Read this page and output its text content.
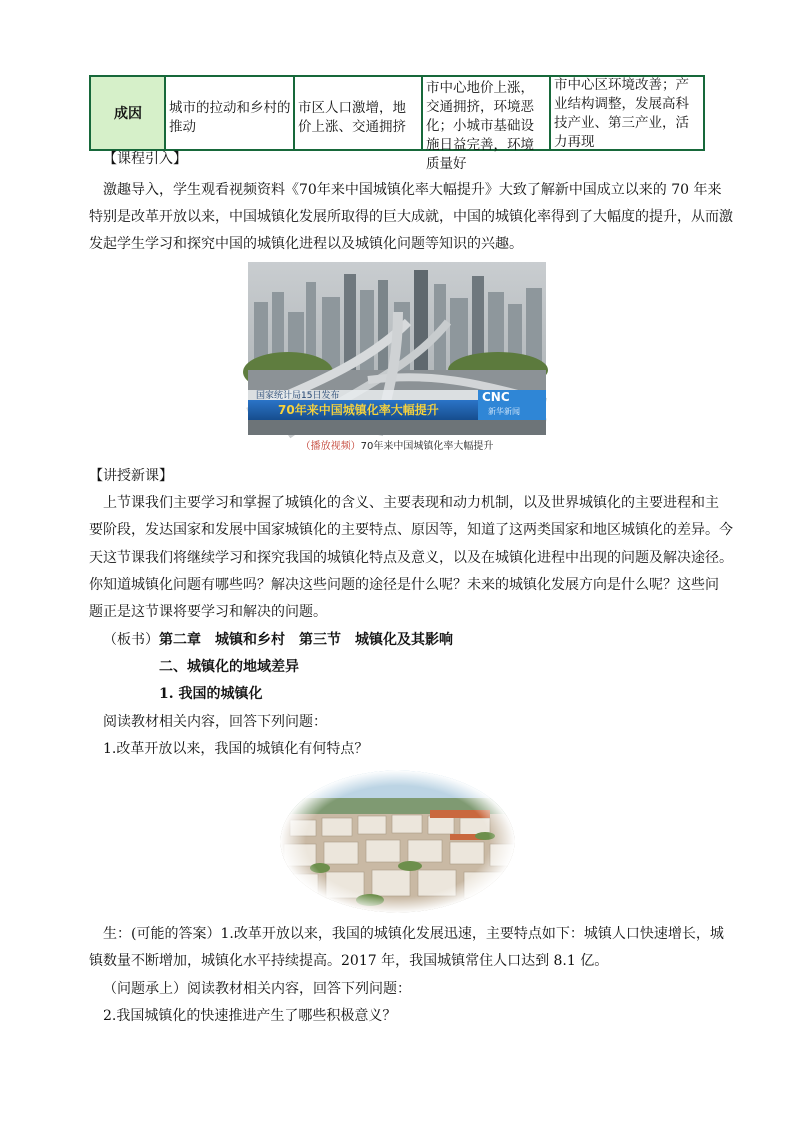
成因	城市的拉动和乡村的推动
市区人口激增，地价上涨、交通拥挤
市中心地价上涨，交通拥挤，环境恶化；小城市基础设施日益完善，环境质量好
市中心区环境改善；产业结构调整，发展高科技产业、第三产业，活力再现
【课程引入】
激趣导入，学生观看视频资料《70年来中国城镇化率大幅提升》大致了解新中国成立以来的 70 年来
特别是改革开放以来，中国城镇化发展所取得的巨大成就，中国的城镇化率得到了大幅度的提升，从而激
发起学生学习和探究中国的城镇化进程以及城镇化问题等知识的兴趣。
国家统计局15日发布
70年来中国城镇化率大幅提升
CNC
新华新闻
（播放视频）70年来中国城镇化率大幅提升
【讲授新课】
上节课我们主要学习和掌握了城镇化的含义、主要表现和动力机制，以及世界城镇化的主要进程和主
要阶段，发达国家和发展中国家城镇化的主要特点、原因等，知道了这两类国家和地区城镇化的差异。今
天这节课我们将继续学习和探究我国的城镇化特点及意义，以及在城镇化进程中出现的问题及解决途径。
你知道城镇化问题有哪些吗？解决这些问题的途径是什么呢？未来的城镇化发展方向是什么呢？这些问
题正是这节课将要学习和解决的问题。
（板书）第二章　城镇和乡村　第三节　城镇化及其影响
二、城镇化的地域差异
1. 我国的城镇化
阅读教材相关内容，回答下列问题：
1.改革开放以来，我国的城镇化有何特点？
生：(可能的答案）1.改革开放以来，我国的城镇化发展迅速，主要特点如下：城镇人口快速增长，城
镇数量不断增加，城镇化水平持续提高。2017 年，我国城镇常住人口达到 8.1 亿。
（问题承上）阅读教材相关内容，回答下列问题：
2.我国城镇化的快速推进产生了哪些积极意义？
